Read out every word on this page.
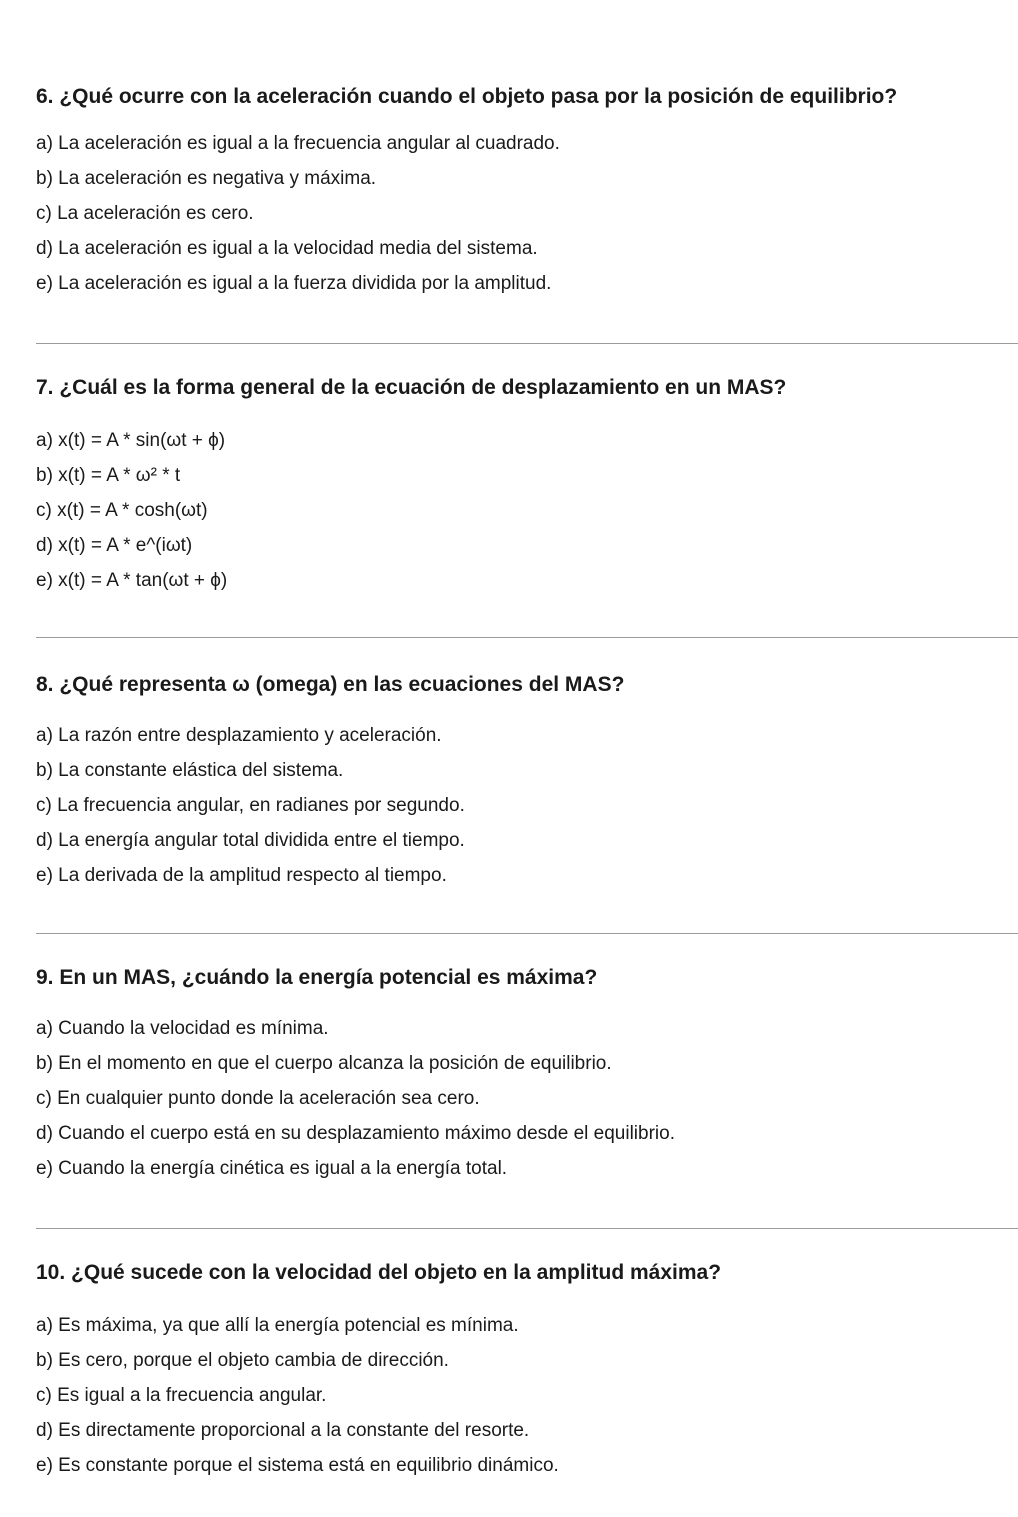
6. ¿Qué ocurre con la aceleración cuando el objeto pasa por la posición de equilibrio?
a) La aceleración es igual a la frecuencia angular al cuadrado.
b) La aceleración es negativa y máxima.
c) La aceleración es cero.
d) La aceleración es igual a la velocidad media del sistema.
e) La aceleración es igual a la fuerza dividida por la amplitud.
7. ¿Cuál es la forma general de la ecuación de desplazamiento en un MAS?
a) x(t) = A * sin(ωt + ϕ)
b) x(t) = A * ω² * t
c) x(t) = A * cosh(ωt)
d) x(t) = A * e^(iωt)
e) x(t) = A * tan(ωt + ϕ)
8. ¿Qué representa ω (omega) en las ecuaciones del MAS?
a) La razón entre desplazamiento y aceleración.
b) La constante elástica del sistema.
c) La frecuencia angular, en radianes por segundo.
d) La energía angular total dividida entre el tiempo.
e) La derivada de la amplitud respecto al tiempo.
9. En un MAS, ¿cuándo la energía potencial es máxima?
a) Cuando la velocidad es mínima.
b) En el momento en que el cuerpo alcanza la posición de equilibrio.
c) En cualquier punto donde la aceleración sea cero.
d) Cuando el cuerpo está en su desplazamiento máximo desde el equilibrio.
e) Cuando la energía cinética es igual a la energía total.
10. ¿Qué sucede con la velocidad del objeto en la amplitud máxima?
a) Es máxima, ya que allí la energía potencial es mínima.
b) Es cero, porque el objeto cambia de dirección.
c) Es igual a la frecuencia angular.
d) Es directamente proporcional a la constante del resorte.
e) Es constante porque el sistema está en equilibrio dinámico.
